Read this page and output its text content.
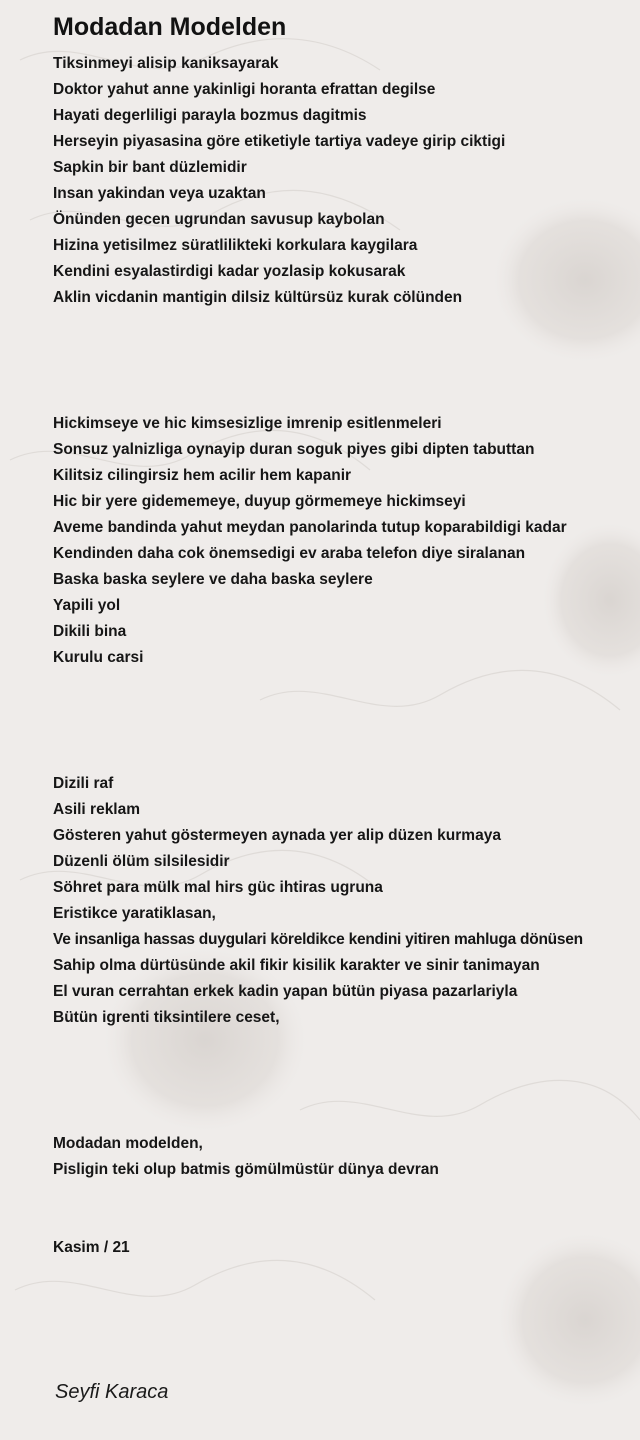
Modadan Modelden
Tiksinmeyi alisip kaniksayarak
Doktor yahut anne yakinligi horanta efrattan degilse
Hayati degerliligi parayla bozmus dagitmis
Herseyin piyasasina göre etiketiyle tartiya vadeye girip ciktigi
Sapkin bir bant düzlemidir
Insan yakindan veya uzaktan
Önünden gecen ugrundan savusup kaybolan
Hizina yetisilmez süratlilikteki korkulara kaygilara
Kendini esyalastirdigi kadar yozlasip kokusarak
Aklin vicdanin mantigin dilsiz kültürsüz kurak cölünden
Hickimseye ve hic kimsesizlige imrenip esitlenmeleri
Sonsuz yalnizliga oynayip duran soguk piyes gibi dipten tabuttan
Kilitsiz cilingirsiz hem acilir hem kapanir
Hic bir yere gidememeye, duyup görmemeye hickimseyi
Aveme bandinda yahut meydan panolarinda tutup koparabildigi kadar
Kendinden daha cok önemsedigi ev araba telefon diye siralanan
Baska baska seylere ve daha baska seylere
Yapili yol
Dikili bina
Kurulu carsi
Dizili raf
Asili reklam
Gösteren yahut göstermeyen aynada yer alip düzen kurmaya
Düzenli ölüm silsilesidir
Söhret para mülk mal hirs güc ihtiras ugruna
Eristikce yaratiklasan,
Ve insanliga hassas duygulari köreldikce kendini yitiren mahluga dönüsen
Sahip olma dürtüsünde akil fikir kisilik karakter ve sinir tanimayan
El vuran cerrahtan erkek kadin yapan bütün piyasa pazarlariyla
Bütün igrenti tiksintilere ceset,
Modadan modelden,
Pisligin teki olup batmis gömülmüstür dünya devran
Kasim / 21
Seyfi Karaca
